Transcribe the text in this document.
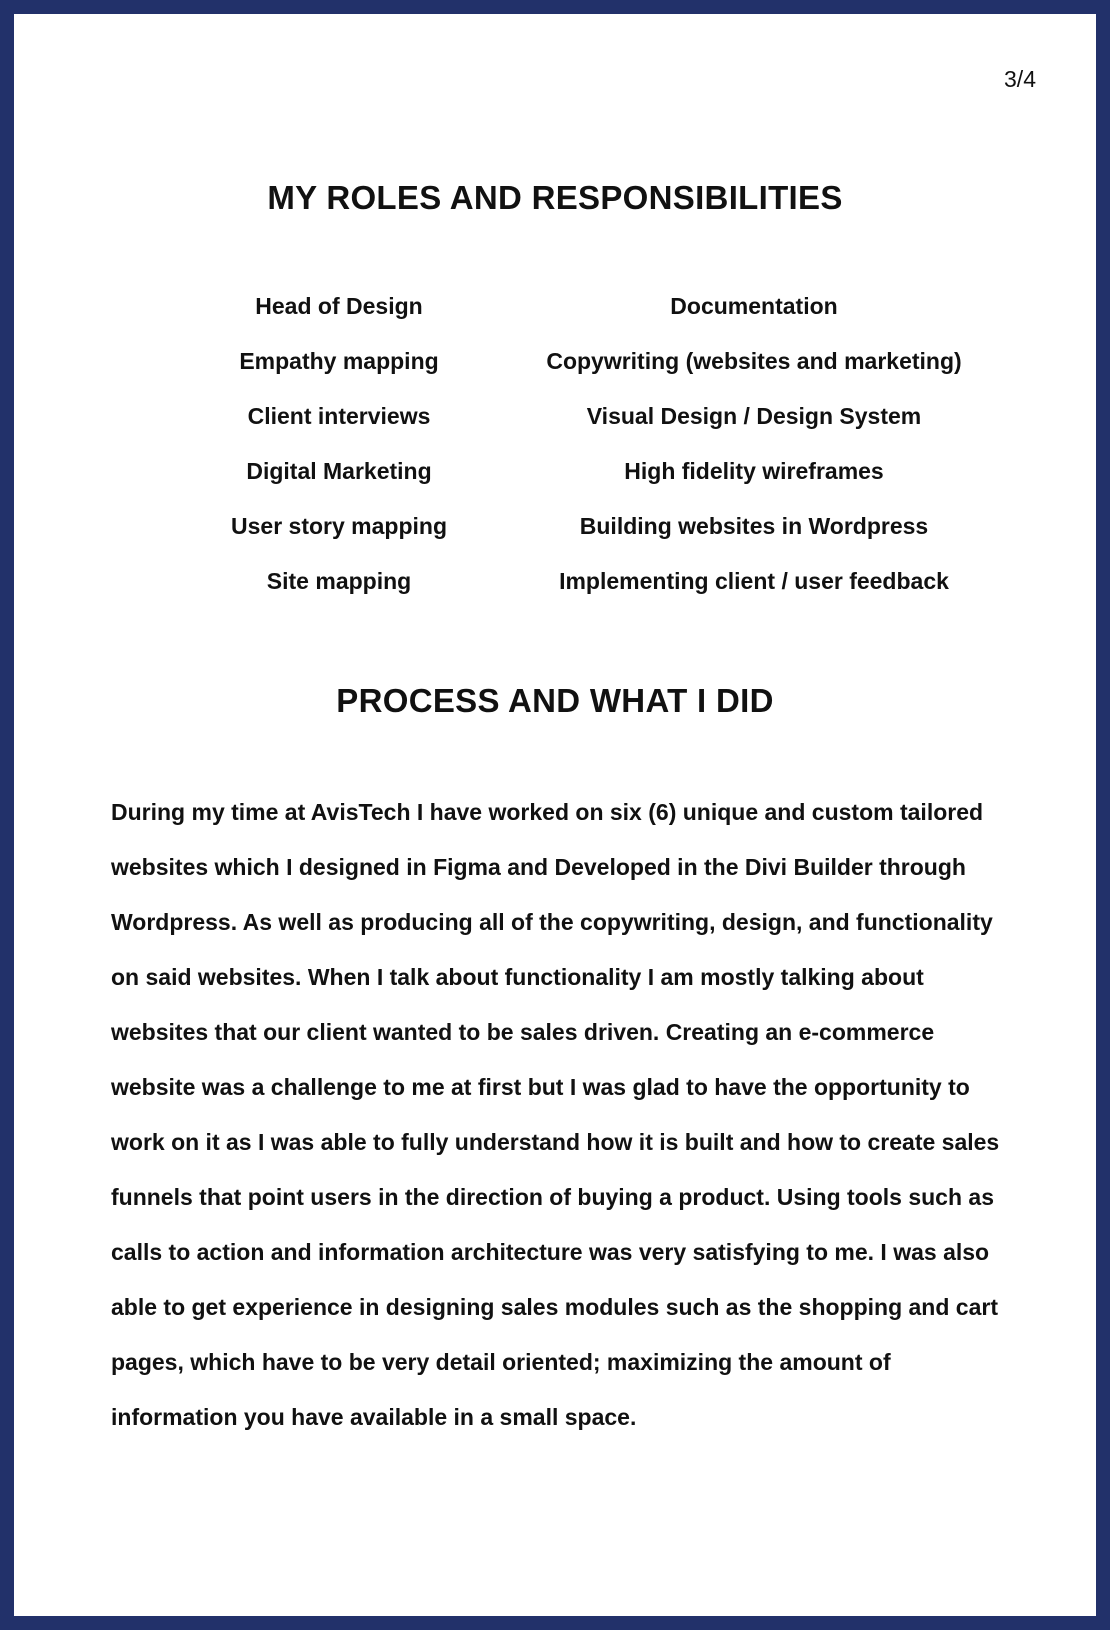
3/4
MY ROLES AND RESPONSIBILITIES
Head of Design
Empathy mapping
Client interviews
Digital Marketing
User story mapping
Site mapping
Documentation
Copywriting (websites and marketing)
Visual Design / Design System
High fidelity wireframes
Building websites in Wordpress
Implementing client / user feedback
PROCESS AND WHAT I DID
During my time at AvisTech I have worked on six (6) unique and custom tailored
websites which I designed in Figma and Developed in the Divi Builder through
Wordpress. As well as producing all of the copywriting, design, and functionality
on said websites. When I talk about functionality I am mostly talking about
websites that our client wanted to be sales driven. Creating an e-commerce
website was a challenge to me at first but I was glad to have the opportunity to
work on it as I was able to fully understand how it is built and how to create sales
funnels that point users in the direction of buying a product. Using tools such as
calls to action and information architecture was very satisfying to me. I was also
able to get experience in designing sales modules such as the shopping and cart
pages, which have to be very detail oriented; maximizing the amount of
information you have available in a small space.
